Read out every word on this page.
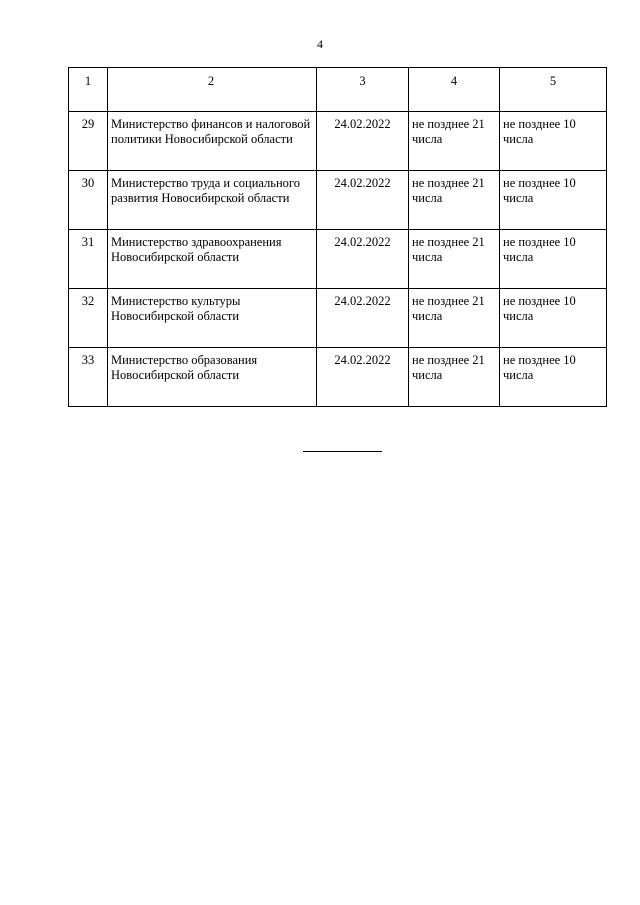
4
1	2	3	4	5
29	Министерство финансов и налоговой политики Новосибирской области	24.02.2022	не позднее 21 числа	не позднее 10 числа
30	Министерство труда и социального развития Новосибирской области	24.02.2022	не позднее 21 числа	не позднее 10 числа
31	Министерство здравоохранения Новосибирской области	24.02.2022	не позднее 21 числа	не позднее 10 числа
32	Министерство культуры Новосибирской области	24.02.2022	не позднее 21 числа	не позднее 10 числа
33	Министерство образования Новосибирской области	24.02.2022	не позднее 21 числа	не позднее 10 числа
